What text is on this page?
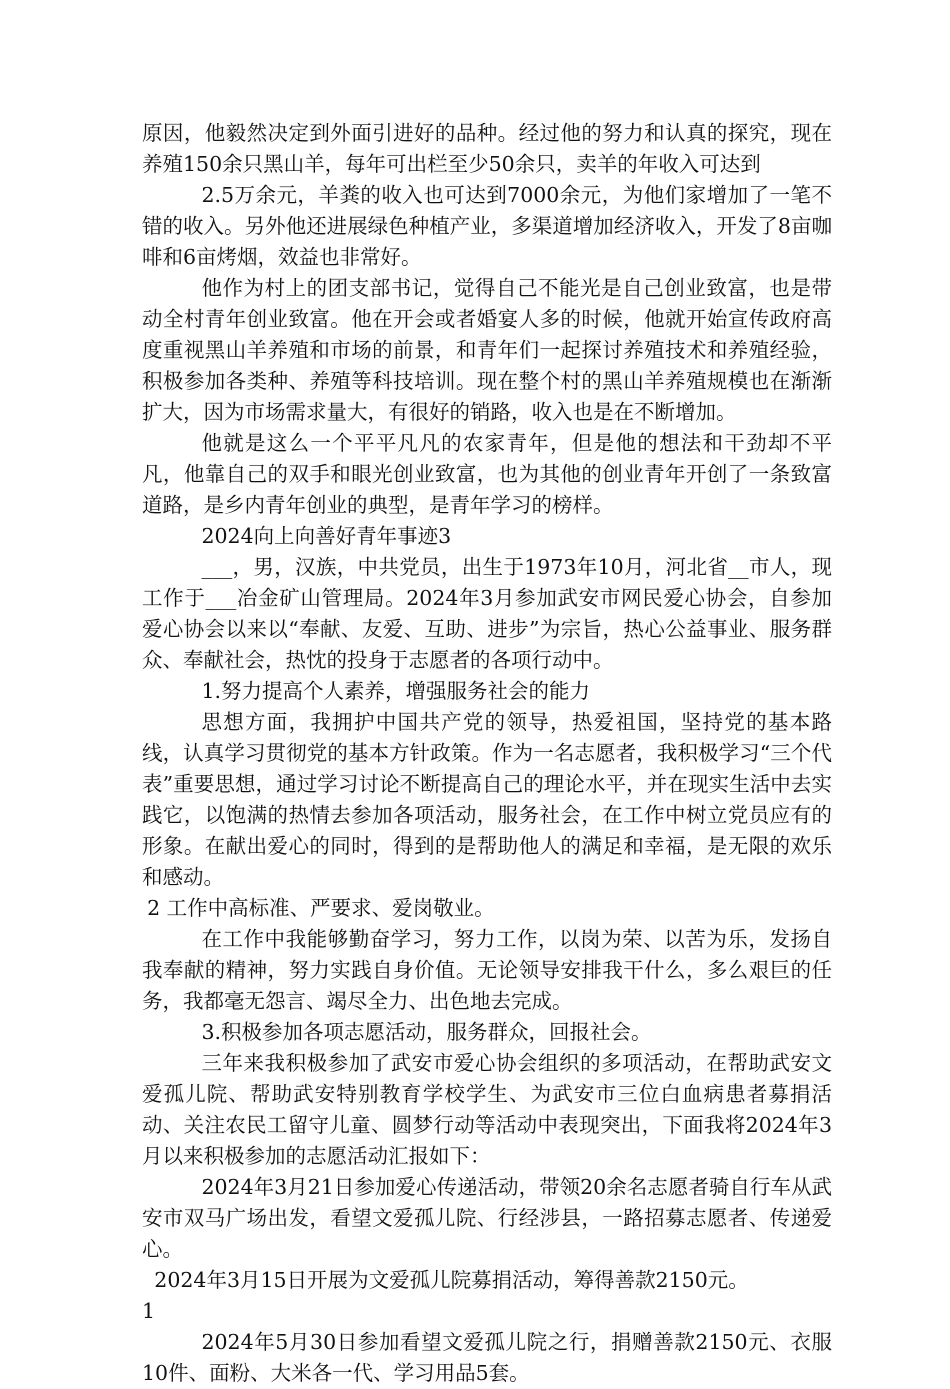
原因，他毅然决定到外面引进好的品种。经过他的努力和认真的探究，现在养殖150余只黑山羊，每年可出栏至少50余只，卖羊的年收入可达到

2.5万余元，羊粪的收入也可达到7000余元，为他们家增加了一笔不错的收入。另外他还进展绿色种植产业，多渠道增加经济收入，开发了8亩咖啡和6亩烤烟，效益也非常好。

他作为村上的团支部书记，觉得自己不能光是自己创业致富，也是带动全村青年创业致富。他在开会或者婚宴人多的时候，他就开始宣传政府高度重视黑山羊养殖和市场的前景，和青年们一起探讨养殖技术和养殖经验，积极参加各类种、养殖等科技培训。现在整个村的黑山羊养殖规模也在渐渐扩大，因为市场需求量大，有很好的销路，收入也是在不断增加。

他就是这么一个平平凡凡的农家青年，但是他的想法和干劲却不平凡，他靠自己的双手和眼光创业致富，也为其他的创业青年开创了一条致富道路，是乡内青年创业的典型，是青年学习的榜样。

2024向上向善好青年事迹3

___，男，汉族，中共党员，出生于1973年10月，河北省__市人，现工作于___冶金矿山管理局。2024年3月参加武安市网民爱心协会，自参加爱心协会以来以“奉献、友爱、互助、进步”为宗旨，热心公益事业、服务群众、奉献社会，热忱的投身于志愿者的各项行动中。

1.努力提高个人素养，增强服务社会的能力

思想方面，我拥护中国共产党的领导，热爱祖国，坚持党的基本路线，认真学习贯彻党的基本方针政策。作为一名志愿者，我积极学习“三个代表”重要思想，通过学习讨论不断提高自己的理论水平，并在现实生活中去实践它，以饱满的热情去参加各项活动，服务社会，在工作中树立党员应有的形象。在献出爱心的同时，得到的是帮助他人的满足和幸福，是无限的欢乐和感动。

2 工作中高标准、严要求、爱岗敬业。

在工作中我能够勤奋学习，努力工作，以岗为荣、以苦为乐，发扬自我奉献的精神，努力实践自身价值。无论领导安排我干什么，多么艰巨的任务，我都毫无怨言、竭尽全力、出色地去完成。

3.积极参加各项志愿活动，服务群众，回报社会。

三年来我积极参加了武安市爱心协会组织的多项活动，在帮助武安文爱孤儿院、帮助武安特别教育学校学生、为武安市三位白血病患者募捐活动、关注农民工留守儿童、圆梦行动等活动中表现突出，下面我将2024年3月以来积极参加的志愿活动汇报如下：

2024年3月21日参加爱心传递活动，带领20余名志愿者骑自行车从武安市双马广场出发，看望文爱孤儿院、行经涉县，一路招募志愿者、传递爱心。

2024年3月15日开展为文爱孤儿院募捐活动，筹得善款2150元。

1

2024年5月30日参加看望文爱孤儿院之行，捐赠善款2150元、衣服10件、面粉、大米各一代、学习用品5套。
